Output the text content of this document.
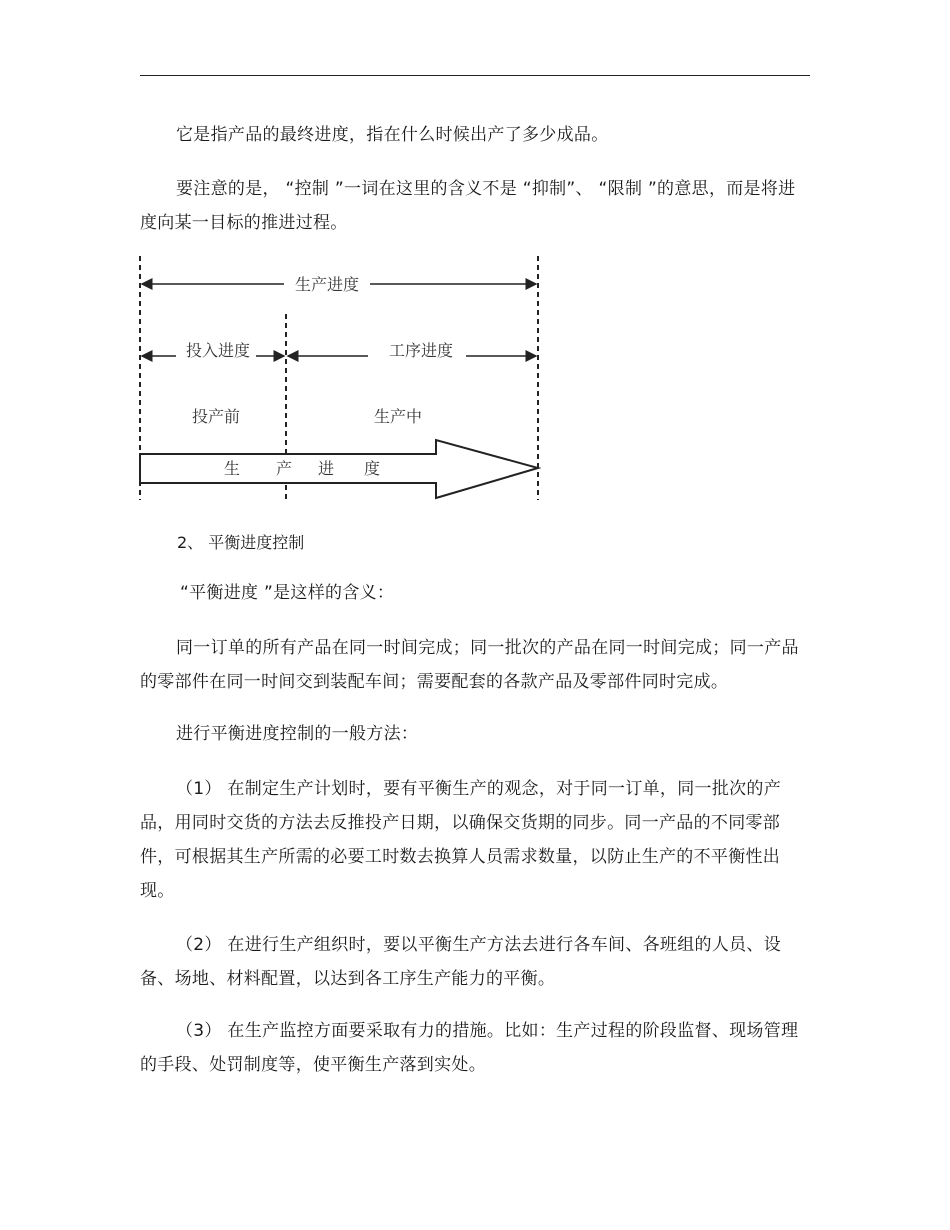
它是指产品的最终进度，指在什么时候出产了多少成品。

要注意的是， “控制 ”一词在这里的含义不是 “抑制”、 “限制 ”的意思，而是将进度向某一目标的推进过程。

生产进度
投入进度	工序进度
投产前	生产中
生 产 进 度

2、 平衡进度控制

“平衡进度 ”是这样的含义：

同一订单的所有产品在同一时间完成；同一批次的产品在同一时间完成；同一产品的零部件在同一时间交到装配车间；需要配套的各款产品及零部件同时完成。

进行平衡进度控制的一般方法：

（1） 在制定生产计划时，要有平衡生产的观念，对于同一订单，同一批次的产品，用同时交货的方法去反推投产日期，以确保交货期的同步。同一产品的不同零部件，可根据其生产所需的必要工时数去换算人员需求数量，以防止生产的不平衡性出现。

（2） 在进行生产组织时，要以平衡生产方法去进行各车间、各班组的人员、设备、场地、材料配置，以达到各工序生产能力的平衡。

（3） 在生产监控方面要采取有力的措施。比如：生产过程的阶段监督、现场管理的手段、处罚制度等，使平衡生产落到实处。
